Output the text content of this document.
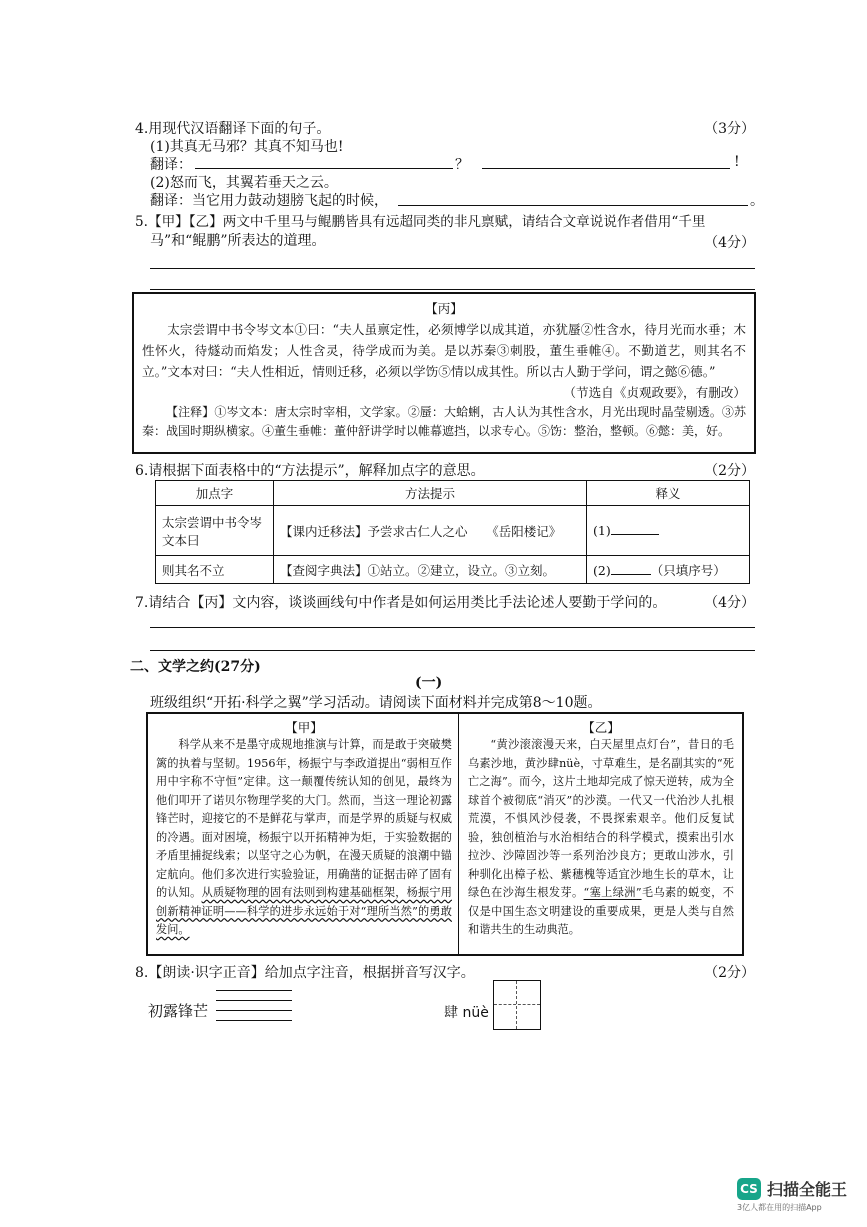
4.用现代汉语翻译下面的句子。	（3分）
(1)其真无马邪？其真不知马也!
翻译：	？	!
(2)怒而飞，其翼若垂天之云。
翻译：当它用力鼓动翅膀飞起的时候，	。
5.【甲】【乙】两文中千里马与鲲鹏皆具有远超同类的非凡禀赋，请结合文章说说作者借用“千里
马”和“鲲鹏”所表达的道理。	（4分）
【丙】
太宗尝谓中书令岑文本①曰：“夫人虽禀定性，必须博学以成其道，亦犹蜃②性含水，待月光而水垂；木性怀火，待燧动而焰发；人性含灵，待学成而为美。是以苏秦③刺股，董生垂帷④。不勤道艺，则其名不立。”文本对曰：“夫人性相近，情则迁移，必须以学饬⑤情以成其性。所以古人勤于学问，谓之懿⑥德。”
（节选自《贞观政要》，有删改）
【注释】①岑文本：唐太宗时宰相，文学家。②蜃：大蛤蜊，古人认为其性含水，月光出现时晶莹剔透。③苏秦：战国时期纵横家。④董生垂帷：董仲舒讲学时以帷幕遮挡，以求专心。⑤饬：整治，整顿。⑥懿：美，好。
6.请根据下面表格中的“方法提示”，解释加点字的意思。	（2分）
加点字	方法提示	释义
太宗尝谓中书令岑文本曰	【课内迁移法】予尝求古仁人之心　　《岳阳楼记》	(1)
则其名不立	【查阅字典法】①站立。②建立，设立。③立刻。	(2) （只填序号）
7.请结合【丙】文内容，谈谈画线句中作者是如何运用类比手法论述人要勤于学问的。	（4分）
二、文学之约(27分)
(一)
班级组织“开拓·科学之翼”学习活动。请阅读下面材料并完成第8～10题。
【甲】
科学从来不是墨守成规地推演与计算，而是敢于突破樊篱的执着与坚韧。1956年，杨振宁与李政道提出“弱相互作用中宇称不守恒”定律。这一颠覆传统认知的创见，最终为他们叩开了诺贝尔物理学奖的大门。然而，当这一理论初露锋芒时，迎接它的不是鲜花与掌声，而是学界的质疑与权威的冷遇。面对困境，杨振宁以开拓精神为炬，于实验数据的矛盾里捕捉线索；以坚守之心为帆，在漫天质疑的浪潮中锚定航向。他们多次进行实验验证，用确凿的证据击碎了固有的认知。从质疑物理的固有法则到构建基础框架，杨振宁用创新精神证明——科学的进步永远始于对“理所当然”的勇敢发问。
【乙】
“黄沙滚滚漫天来，白天屋里点灯台”，昔日的毛乌素沙地，黄沙肆nüè，寸草难生，是名副其实的“死亡之海”。而今，这片土地却完成了惊天逆转，成为全球首个被彻底“消灭”的沙漠。一代又一代治沙人扎根荒漠，不惧风沙侵袭，不畏探索艰辛。他们反复试验，独创植治与水治相结合的科学模式，摸索出引水拉沙、沙障固沙等一系列治沙良方；更敢山涉水，引种驯化出樟子松、紫穗槐等适宜沙地生长的草木，让绿色在沙海生根发芽。“塞上绿洲”毛乌素的蜕变，不仅是中国生态文明建设的重要成果，更是人类与自然和谐共生的生动典范。
8.【朗读·识字正音】给加点字注音，根据拼音写汉字。	（2分）
初露锋芒	肆 nüè
CS 扫描全能王
3亿人都在用的扫描App
